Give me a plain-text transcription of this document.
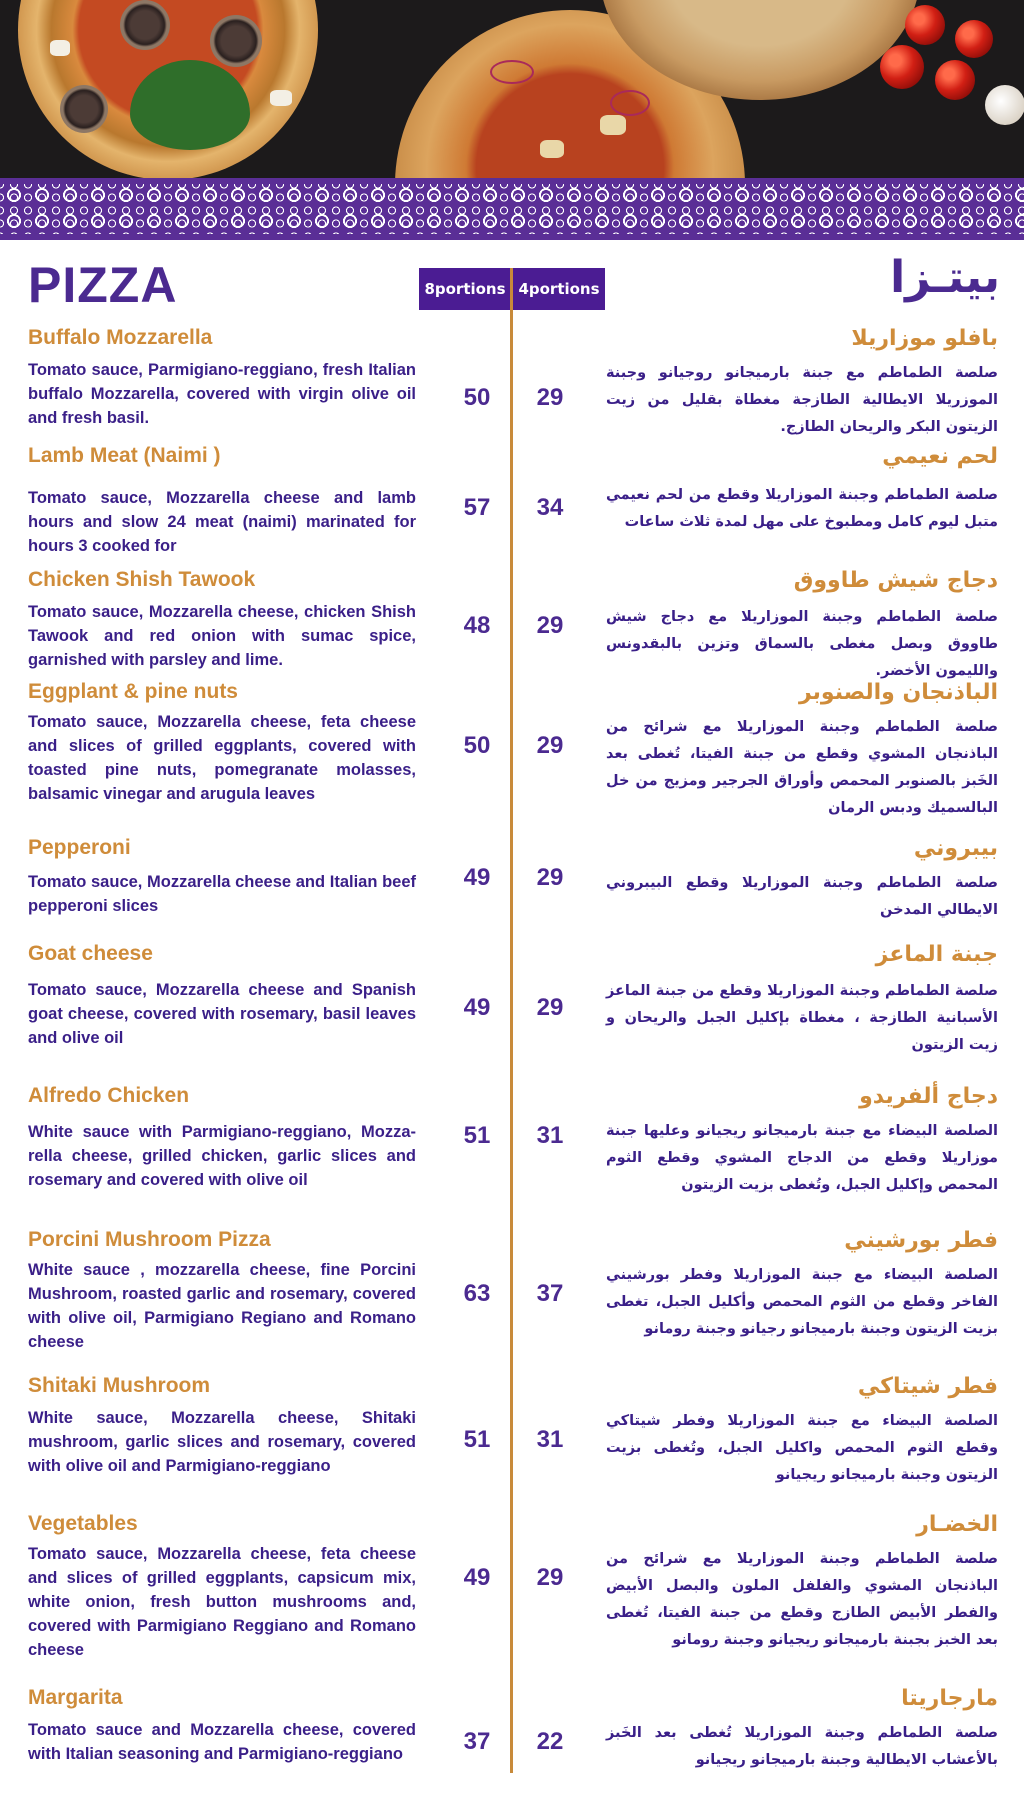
PIZZA	بيتـزا
8portions 4portions

Buffalo Mozzarella

Tomato sauce, Parmigiano-reggiano, fresh Italian buffalo Mozzarella, covered with virgin olive oil and fresh basil.

50	29

بافلو موزاريلا

صلصة الطماطم مع جبنة بارميجانو روجيانو وجبنة الموزريلا الايطالية الطازجة مغطاة بقليل من زيت الزيتون البكر والريحان الطازج.

Lamb Meat (Naimi )

Tomato sauce, Mozzarella cheese and lamb hours and slow 24 meat (naimi) marinated for hours 3 cooked for

57	34

لحم نعيمي

صلصة الطماطم وجبنة الموزاريلا وقطع من لحم نعيمي متبل ليوم كامل ومطبوخ على مهل لمدة ثلاث ساعات

Chicken Shish Tawook

Tomato sauce, Mozzarella cheese, chicken Shish Tawook and red onion with sumac spice, garnished with parsley and lime.

48	29

دجاج شيش طاووق

صلصة الطماطم وجبنة الموزاريلا مع دجاج شيش طاووق وبصل مغطى بالسماق وتزين بالبقدونس والليمون الأخضر.

Eggplant & pine nuts

Tomato sauce, Mozzarella cheese, feta cheese and slices of grilled eggplants, covered with toasted pine nuts, pomegranate molasses, balsamic vinegar and arugula leaves

50	29

الباذنجان والصنوبر

صلصة الطماطم وجبنة الموزاريلا مع شرائح من الباذنجان المشوي وقطع من جبنة الفيتا، تُغطى بعد الخَبز بالصنوبر المحمص وأوراق الجرجير ومزيج من خل البالسميك ودبس الرمان

Pepperoni

Tomato sauce, Mozzarella cheese and Italian beef pepperoni slices

49	29

بيبروني

صلصة الطماطم وجبنة الموزاريلا وقطع البيبروني الايطالي المدخن

Goat cheese

Tomato sauce, Mozzarella cheese and Spanish goat cheese, covered with rosemary, basil leaves and olive oil

49	29

جبنة الماعز

صلصة الطماطم وجبنة الموزاريلا وقطع من جبنة الماعز الأسبانية الطازجة ، مغطاة بإكليل الجبل والريحان و زيت الزيتون

Alfredo Chicken

White sauce with Parmigiano-reggiano, Mozza-rella cheese, grilled chicken, garlic slices and rosemary and covered with olive oil

51	31

دجاج ألفريدو

الصلصة البيضاء مع جبنة بارميجانو ريجيانو وعليها جبنة موزاريلا وقطع من الدجاج المشوي وقطع الثوم المحمص وإكليل الجبل، وتُغطى بزيت الزيتون

Porcini Mushroom Pizza

White sauce , mozzarella cheese, fine Porcini Mushroom, roasted garlic and rosemary, covered with olive oil, Parmigiano Regiano and Romano cheese

63	37

فطر بورشيني

الصلصة البيضاء مع جبنة الموزاريلا وفطر بورشيني الفاخر وقطع من الثوم المحمص وأكليل الجبل، تغطى بزيت الزيتون وجبنة بارميجانو رجيانو وجبنة رومانو

Shitaki Mushroom

White sauce, Mozzarella cheese, Shitaki mushroom, garlic slices and rosemary, covered with olive oil and Parmigiano-reggiano

51	31

فطر شيتاكي

الصلصة البيضاء مع جبنة الموزاريلا وفطر شيتاكي وقطع الثوم المحمص واكليل الجبل، وتُغطى بزيت الزيتون وجبنة بارميجانو ريجيانو

Vegetables

Tomato sauce, Mozzarella cheese, feta cheese and slices of grilled eggplants, capsicum mix, white onion, fresh button mushrooms and, covered with Parmigiano Reggiano and Romano cheese

49	29

الخضـار

صلصة الطماطم وجبنة الموزاريلا مع شرائح من الباذنجان المشوي والفلفل الملون والبصل الأبيض والفطر الأبيض الطازج وقطع من جبنة الفيتا، تُغطى بعد الخبز بجبنة بارميجانو ريجيانو وجبنة رومانو

Margarita

Tomato sauce and Mozzarella cheese, covered with Italian seasoning and Parmigiano-reggiano	37	22

مارجاريتا

صلصة الطماطم وجبنة الموزاريلا تُغطى بعد الخَبز بالأعشاب الايطالية وجبنة بارميجانو ريجيانو
